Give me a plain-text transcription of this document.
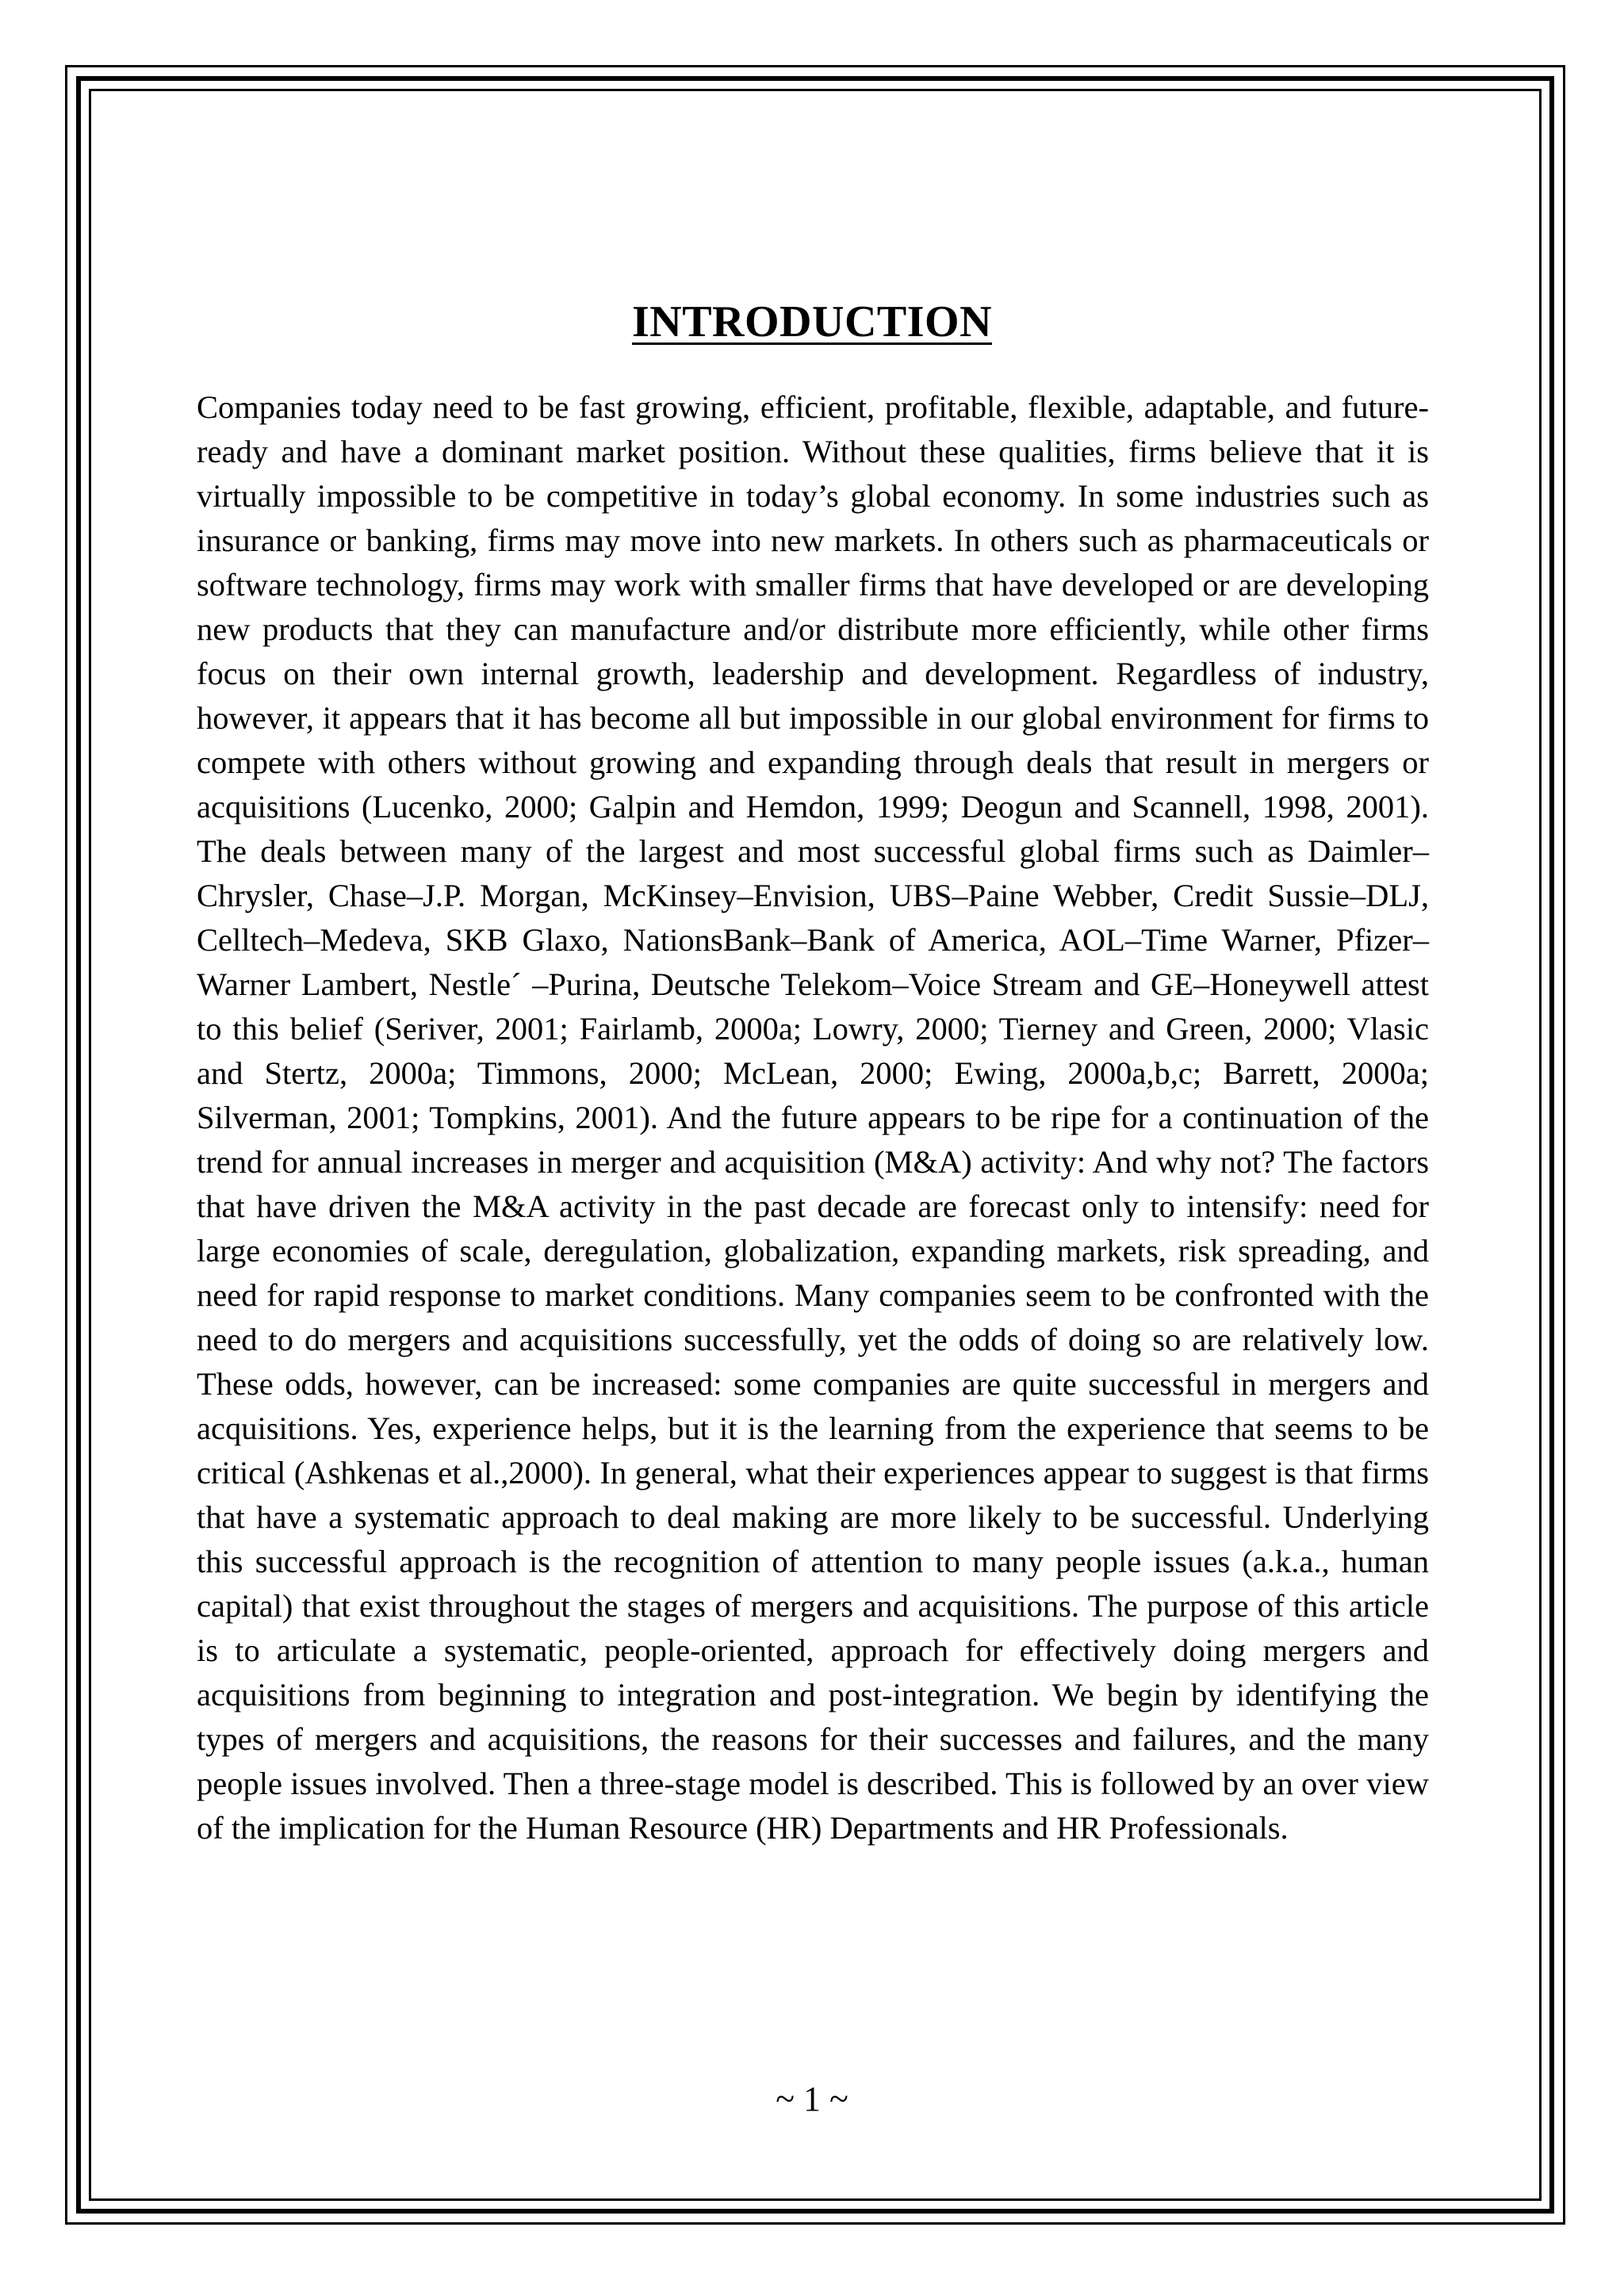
INTRODUCTION

Companies today need to be fast growing, efficient, profitable, flexible, adaptable, and future-ready and have a dominant market position. Without these qualities, firms believe that it is virtually impossible to be competitive in today’s global economy. In some industries such as insurance or banking, firms may move into new markets. In others such as pharmaceuticals or software technology, firms may work with smaller firms that have developed or are developing new products that they can manufacture and/or distribute more efficiently, while other firms focus on their own internal growth, leadership and development. Regardless of industry, however, it appears that it has become all but impossible in our global environment for firms to compete with others without growing and expanding through deals that result in mergers or acquisitions (Lucenko, 2000; Galpin and Hemdon, 1999; Deogun and Scannell, 1998, 2001). The deals between many of the largest and most successful global firms such as Daimler–Chrysler, Chase–J.P. Morgan, McKinsey–Envision, UBS–Paine Webber, Credit Sussie–DLJ, Celltech–Medeva, SKB Glaxo, NationsBank–Bank of America, AOL–Time Warner, Pfizer–Warner Lambert, Nestle´ –Purina, Deutsche Telekom–Voice Stream and GE–Honeywell attest to this belief (Seriver, 2001; Fairlamb, 2000a; Lowry, 2000; Tierney and Green, 2000; Vlasic and Stertz, 2000a; Timmons, 2000; McLean, 2000; Ewing, 2000a,b,c; Barrett, 2000a; Silverman, 2001; Tompkins, 2001). And the future appears to be ripe for a continuation of the trend for annual increases in merger and acquisition (M&A) activity: And why not? The factors that have driven the M&A activity in the past decade are forecast only to intensify: need for large economies of scale, deregulation, globalization, expanding markets, risk spreading, and need for rapid response to market conditions. Many companies seem to be confronted with the need to do mergers and acquisitions successfully, yet the odds of doing so are relatively low. These odds, however, can be increased: some companies are quite successful in mergers and acquisitions. Yes, experience helps, but it is the learning from the experience that seems to be critical (Ashkenas et al.,2000). In general, what their experiences appear to suggest is that firms that have a systematic approach to deal making are more likely to be successful. Underlying this successful approach is the recognition of attention to many people issues (a.k.a., human capital) that exist throughout the stages of mergers and acquisitions. The purpose of this article is to articulate a systematic, people-oriented, approach for effectively doing mergers and acquisitions from beginning to integration and post-integration. We begin by identifying the types of mergers and acquisitions, the reasons for their successes and failures, and the many people issues involved. Then a three-stage model is described. This is followed by an over view of the implication for the Human Resource (HR) Departments and HR Professionals.

~ 1 ~
